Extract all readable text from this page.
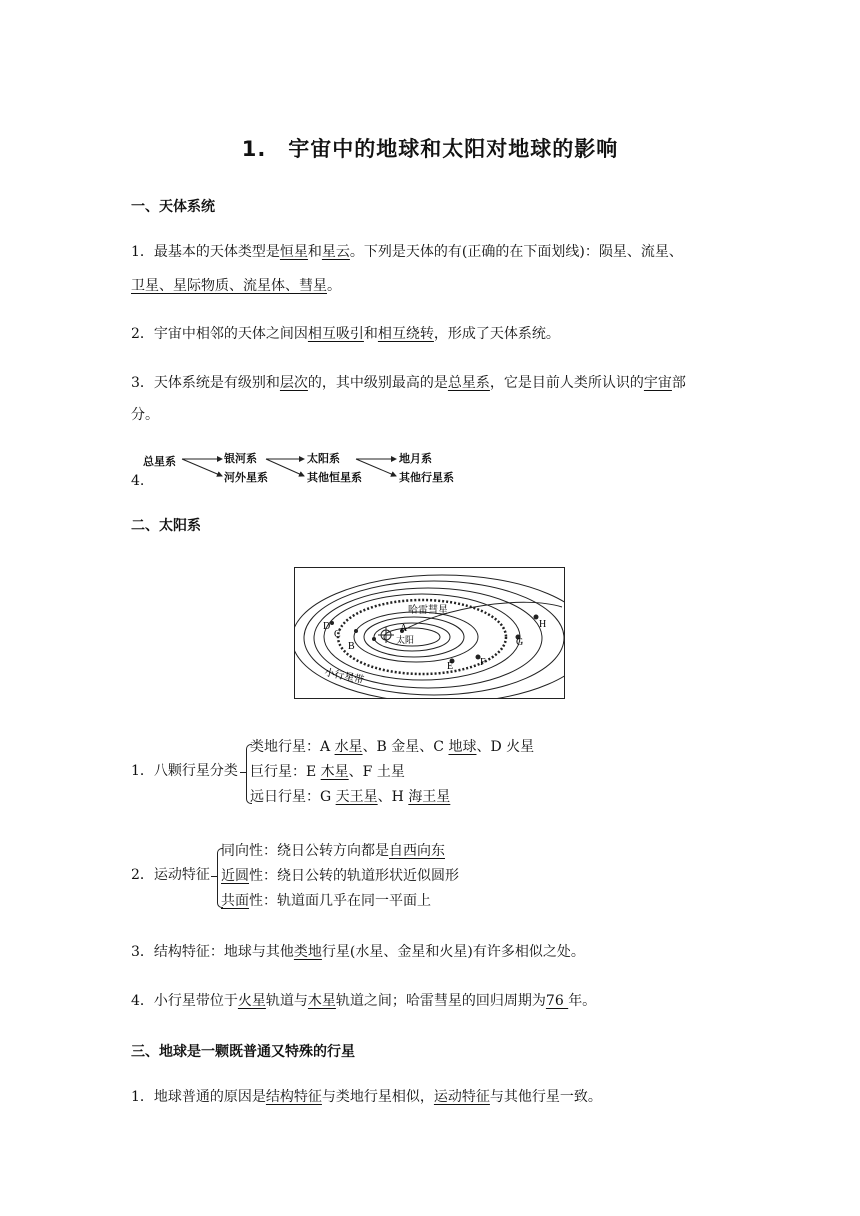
1.　宇宙中的地球和太阳对地球的影响
一、天体系统
1．最基本的天体类型是恒星和星云。下列是天体的有(正确的在下面划线)：陨星、流星、
卫星、星际物质、流星体、彗星。
2．宇宙中相邻的天体之间因相互吸引和相互绕转，形成了天体系统。
3．天体系统是有级别和层次的，其中级别最高的是总星系，它是目前人类所认识的宇宙部
分。
4.
总星系	银河系
河外星系
太阳系
其他恒星系
地月系
其他行星系
二、太阳系
哈雷彗星
太阳
小行星带
A
B
C
D
E	F
G
H
1．八颗行星分类
类地行星：A 水星、B 金星、C 地球、D 火星
巨行星：E 木星、F 土星
远日行星：G 天王星、H 海王星
2．运动特征
同向性：绕日公转方向都是自西向东
近圆性：绕日公转的轨道形状近似圆形
共面性：轨道面几乎在同一平面上
3．结构特征：地球与其他类地行星(水星、金星和火星)有许多相似之处。
4．小行星带位于火星轨道与木星轨道之间；哈雷彗星的回归周期为76 年。
三、地球是一颗既普通又特殊的行星
1．地球普通的原因是结构特征与类地行星相似，运动特征与其他行星一致。
